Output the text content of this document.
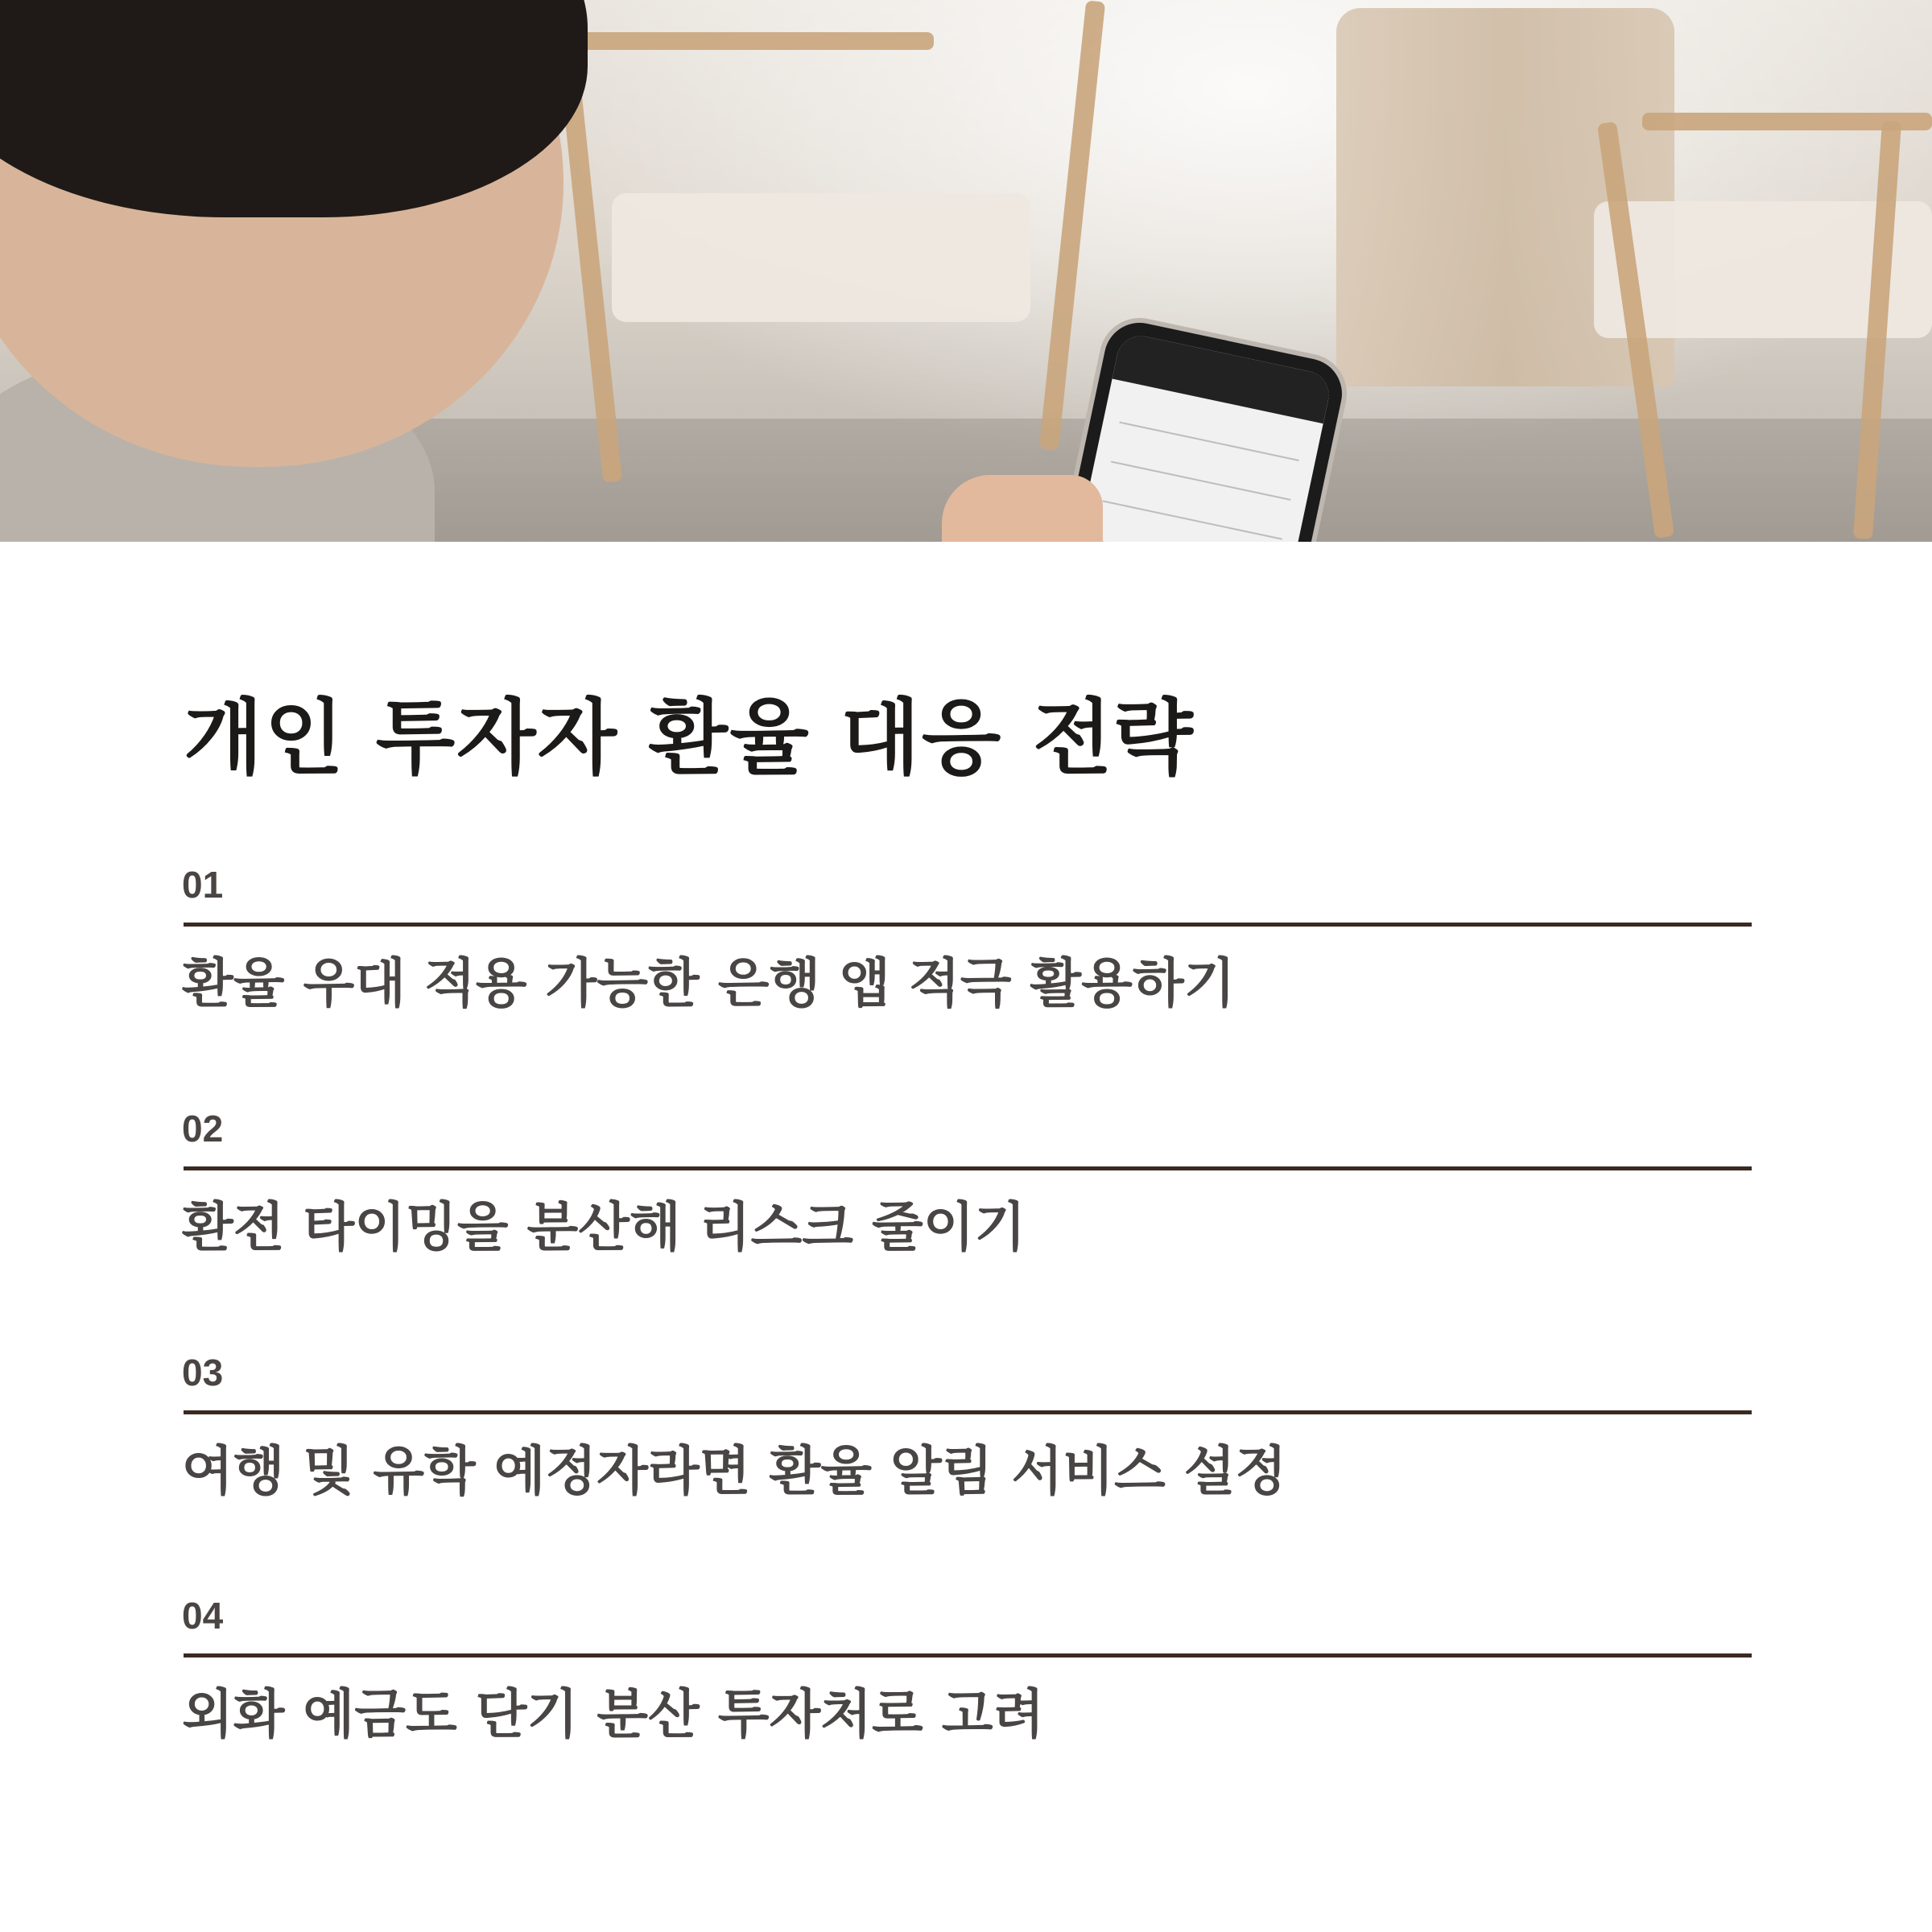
개인 투자자 환율 대응 전략
01
환율 우대 적용 가능한 은행 앱 적극 활용하기
02
환전 타이밍을 분산해 리스크 줄이기
03
여행 및 유학 예정자라면 환율 알림 서비스 설정
04
외화 예금도 단기 분산 투자처로 고려
